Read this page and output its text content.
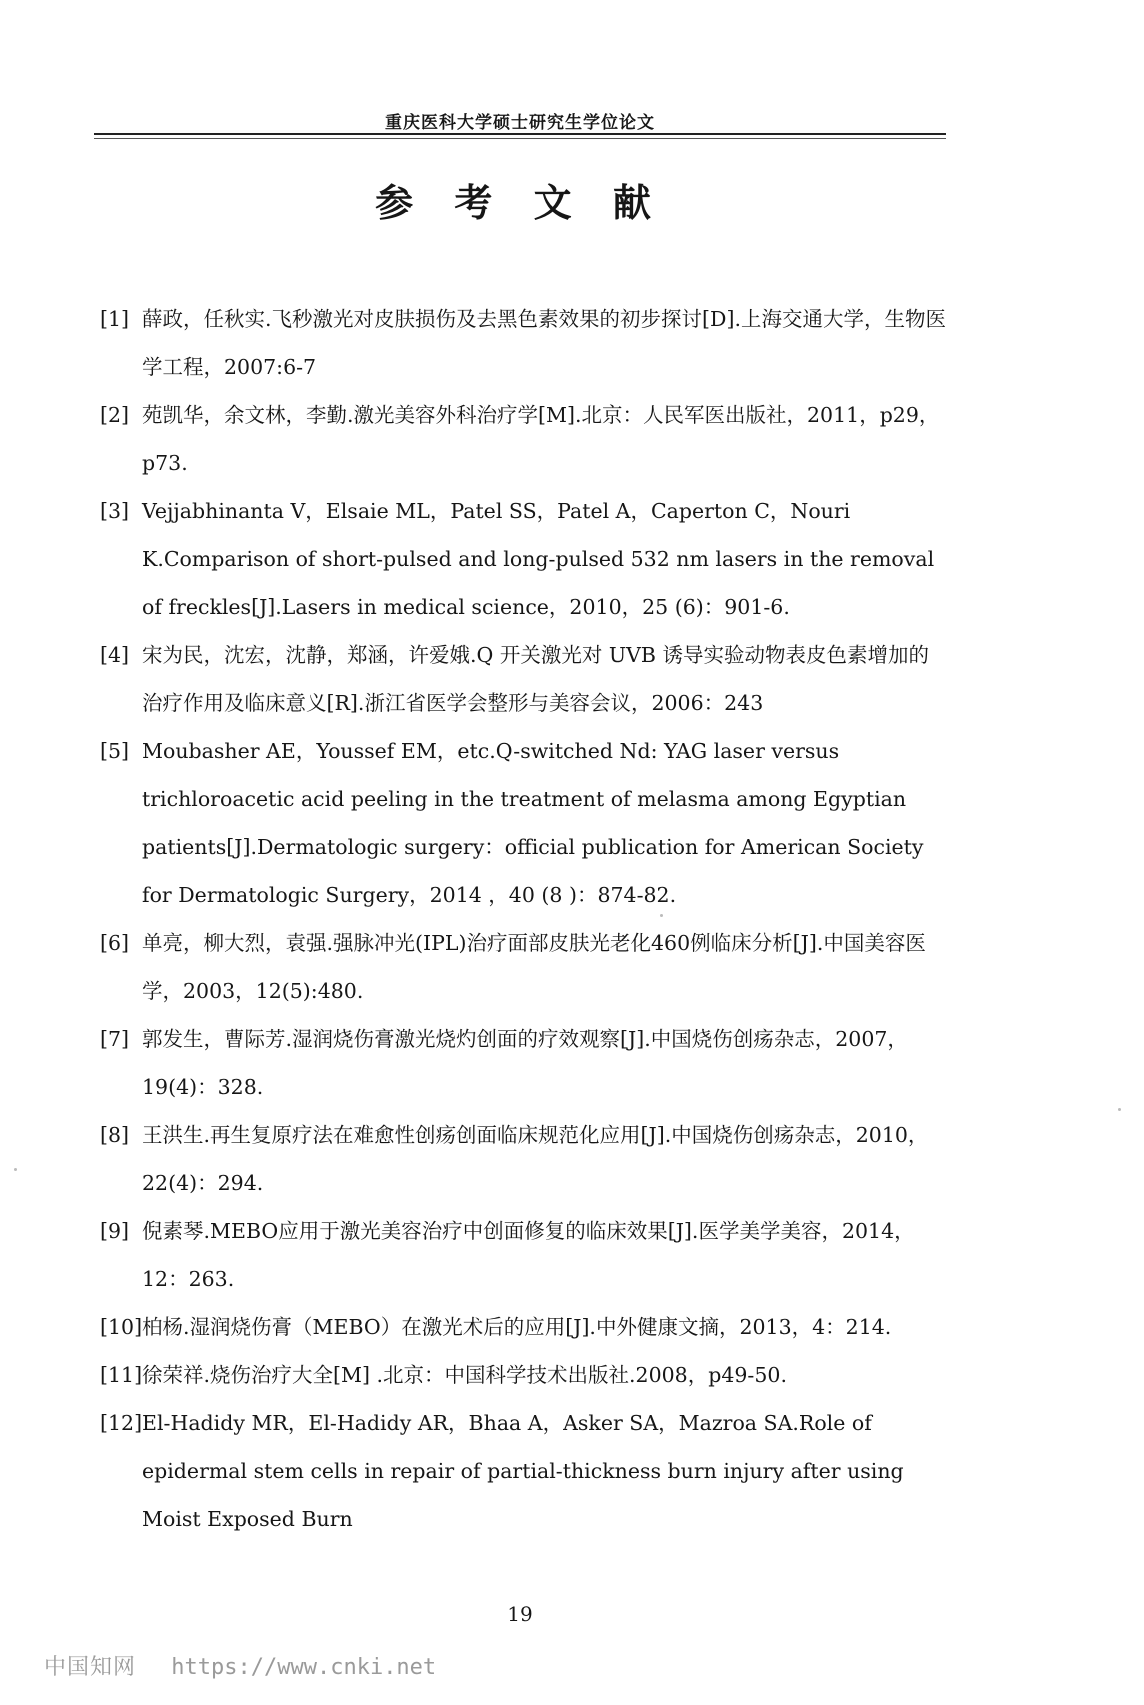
重庆医科大学硕士研究生学位论文
参 考 文 献
[1] 薛政，任秋实.飞秒激光对皮肤损伤及去黑色素效果的初步探讨[D].上海交通大学，生物医学工程，2007:6-7
[2] 苑凯华，余文林，李勤.激光美容外科治疗学[M].北京：人民军医出版社，2011，p29，p73.
[3] Vejjabhinanta V，Elsaie ML，Patel SS，Patel A，Caperton C，Nouri K.Comparison of short-pulsed and long-pulsed 532 nm lasers in the removal of freckles[J].Lasers in medical science，2010，25 (6)：901-6.
[4] 宋为民，沈宏，沈静，郑涵，许爱娥.Q 开关激光对 UVB 诱导实验动物表皮色素增加的治疗作用及临床意义[R].浙江省医学会整形与美容会议，2006：243
[5] Moubasher AE，Youssef EM，etc.Q-switched Nd: YAG laser versus trichloroacetic acid peeling in the treatment of melasma among Egyptian patients[J].Dermatologic surgery：official publication for American Society for Dermatologic Surgery，2014 ，40 (8 )：874-82.
[6] 单亮，柳大烈，袁强.强脉冲光(IPL)治疗面部皮肤光老化460例临床分析[J].中国美容医学，2003，12(5):480.
[7] 郭发生，曹际芳.湿润烧伤膏激光烧灼创面的疗效观察[J].中国烧伤创疡杂志，2007，19(4)：328.
[8] 王洪生.再生复原疗法在难愈性创疡创面临床规范化应用[J].中国烧伤创疡杂志，2010，22(4)：294.
[9] 倪素琴.MEBO应用于激光美容治疗中创面修复的临床效果[J].医学美学美容，2014，12：263.
[10] 柏杨.湿润烧伤膏（MEBO）在激光术后的应用[J].中外健康文摘，2013，4：214.
[11] 徐荣祥.烧伤治疗大全[M] .北京：中国科学技术出版社.2008，p49-50.
[12] El-Hadidy MR，El-Hadidy AR，Bhaa A，Asker SA，Mazroa SA.Role of epidermal stem cells in repair of partial-thickness burn injury after using Moist Exposed Burn
19
中国知网 https://www.cnki.net
